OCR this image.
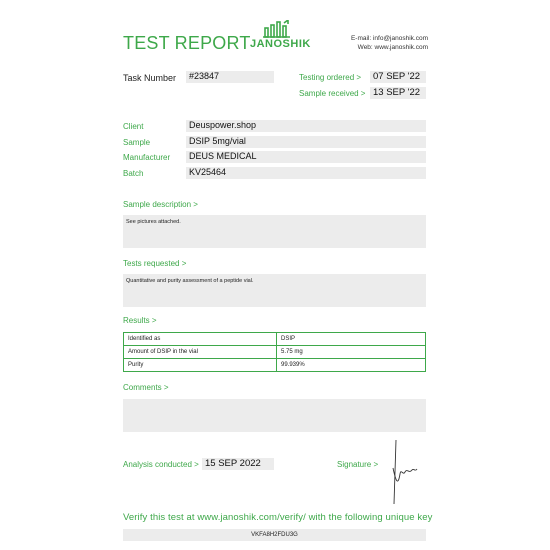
TEST REPORT JANOSHIK	E-mail: info@janoshik.com
Web: www.janoshik.com
Task Number	#23847	Testing ordered >	07 SEP '22
Sample received > 13 SEP '22
Client	Deuspower.shop
Sample	DSIP 5mg/vial
Manufacturer	DEUS MEDICAL
Batch	KV25464
Sample description >
See pictures attached.
Tests requested >
Quantitative and purity assessment of a peptide vial.
Results >
Identified as	DSIP
Amount of DSIP in the vial	5.75 mg
Purity	99.939%
Comments >
Analysis conducted > 15 SEP 2022	Signature >
Verify this test at www.janoshik.com/verify/ with the following unique key
VKFA8H2FDU3G
